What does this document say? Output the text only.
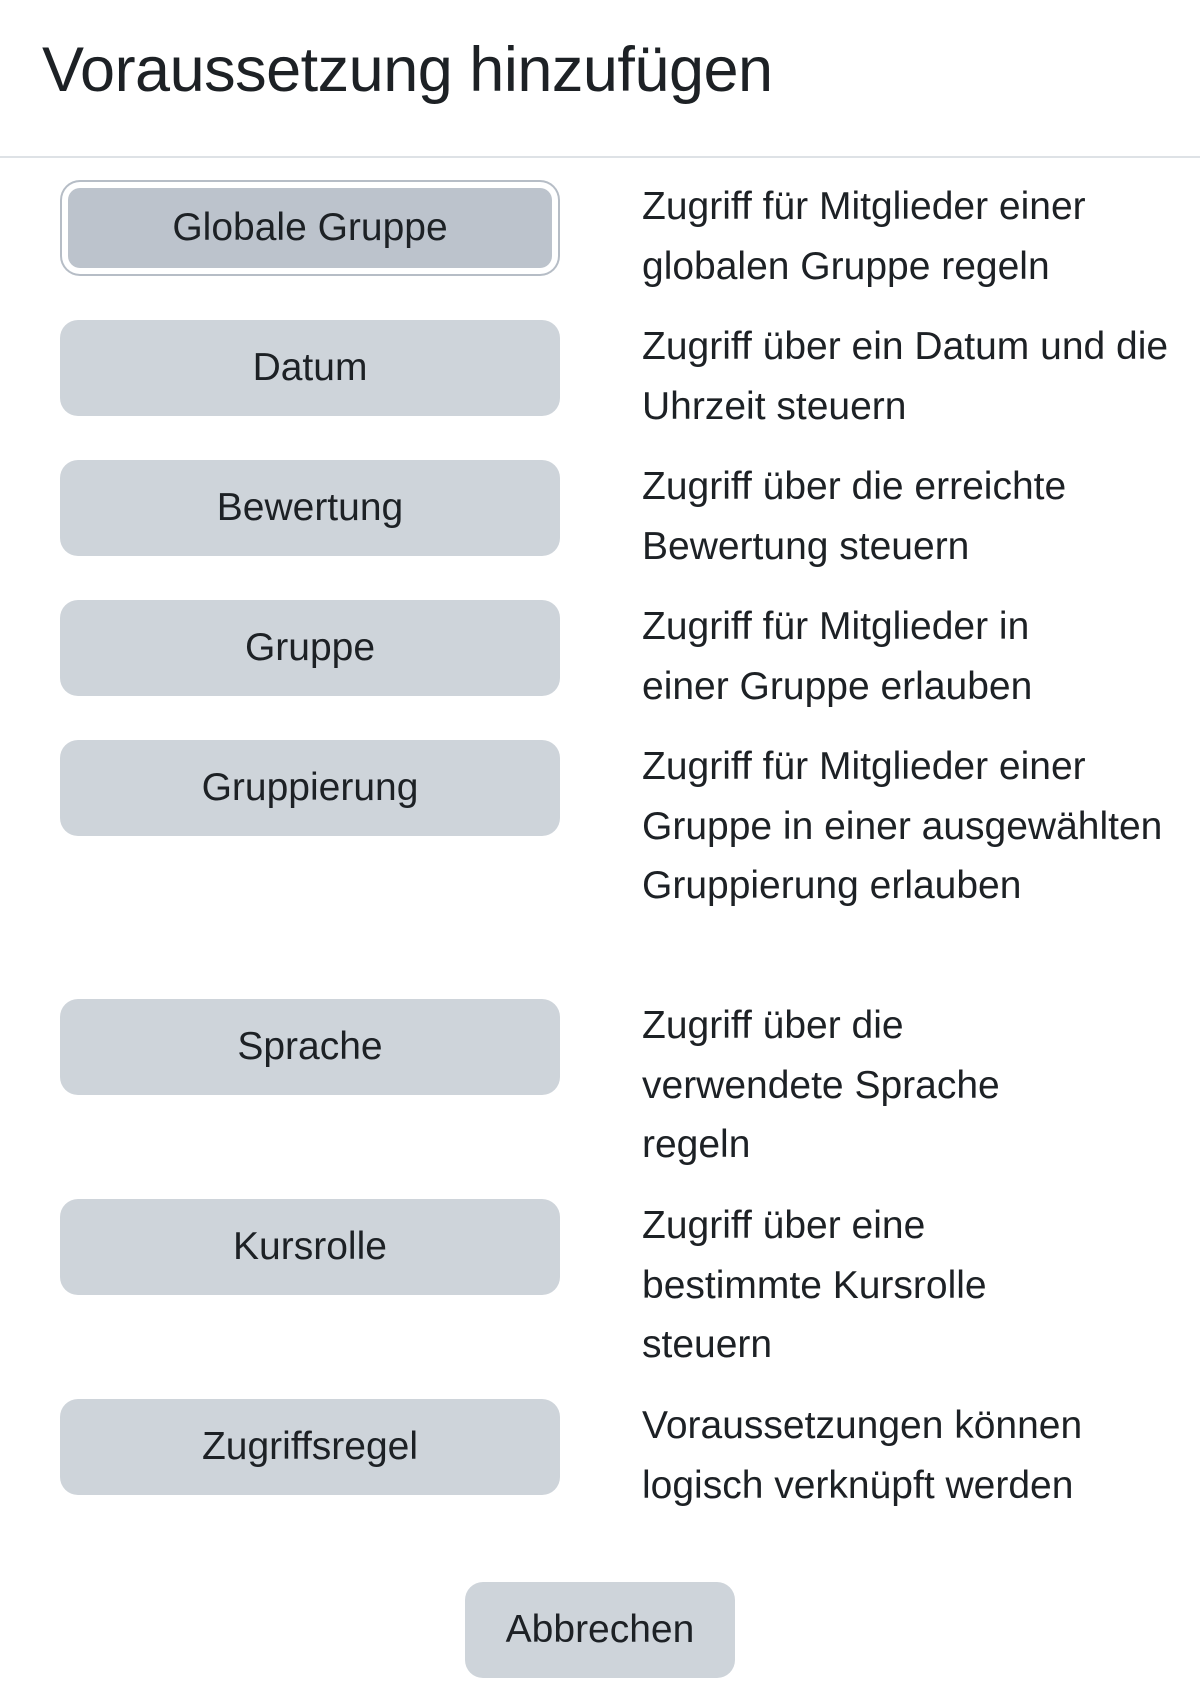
Voraussetzung hinzufügen
Globale Gruppe	Zugriff für Mitglieder einer globalen Gruppe regeln

Datum	Zugriff über ein Datum und die Uhrzeit steuern

Bewertung	Zugriff über die erreichte Bewertung steuern

Gruppe	Zugriff für Mitglieder in einer Gruppe erlauben

Gruppierung	Zugriff für Mitglieder einer Gruppe in einer ausgewählten Gruppierung erlauben

Sprache	Zugriff über die verwendete Sprache regeln

Kursrolle	Zugriff über eine bestimmte Kursrolle steuern

Zugriffsregel	Voraussetzungen können logisch verknüpft werden

Abbrechen
